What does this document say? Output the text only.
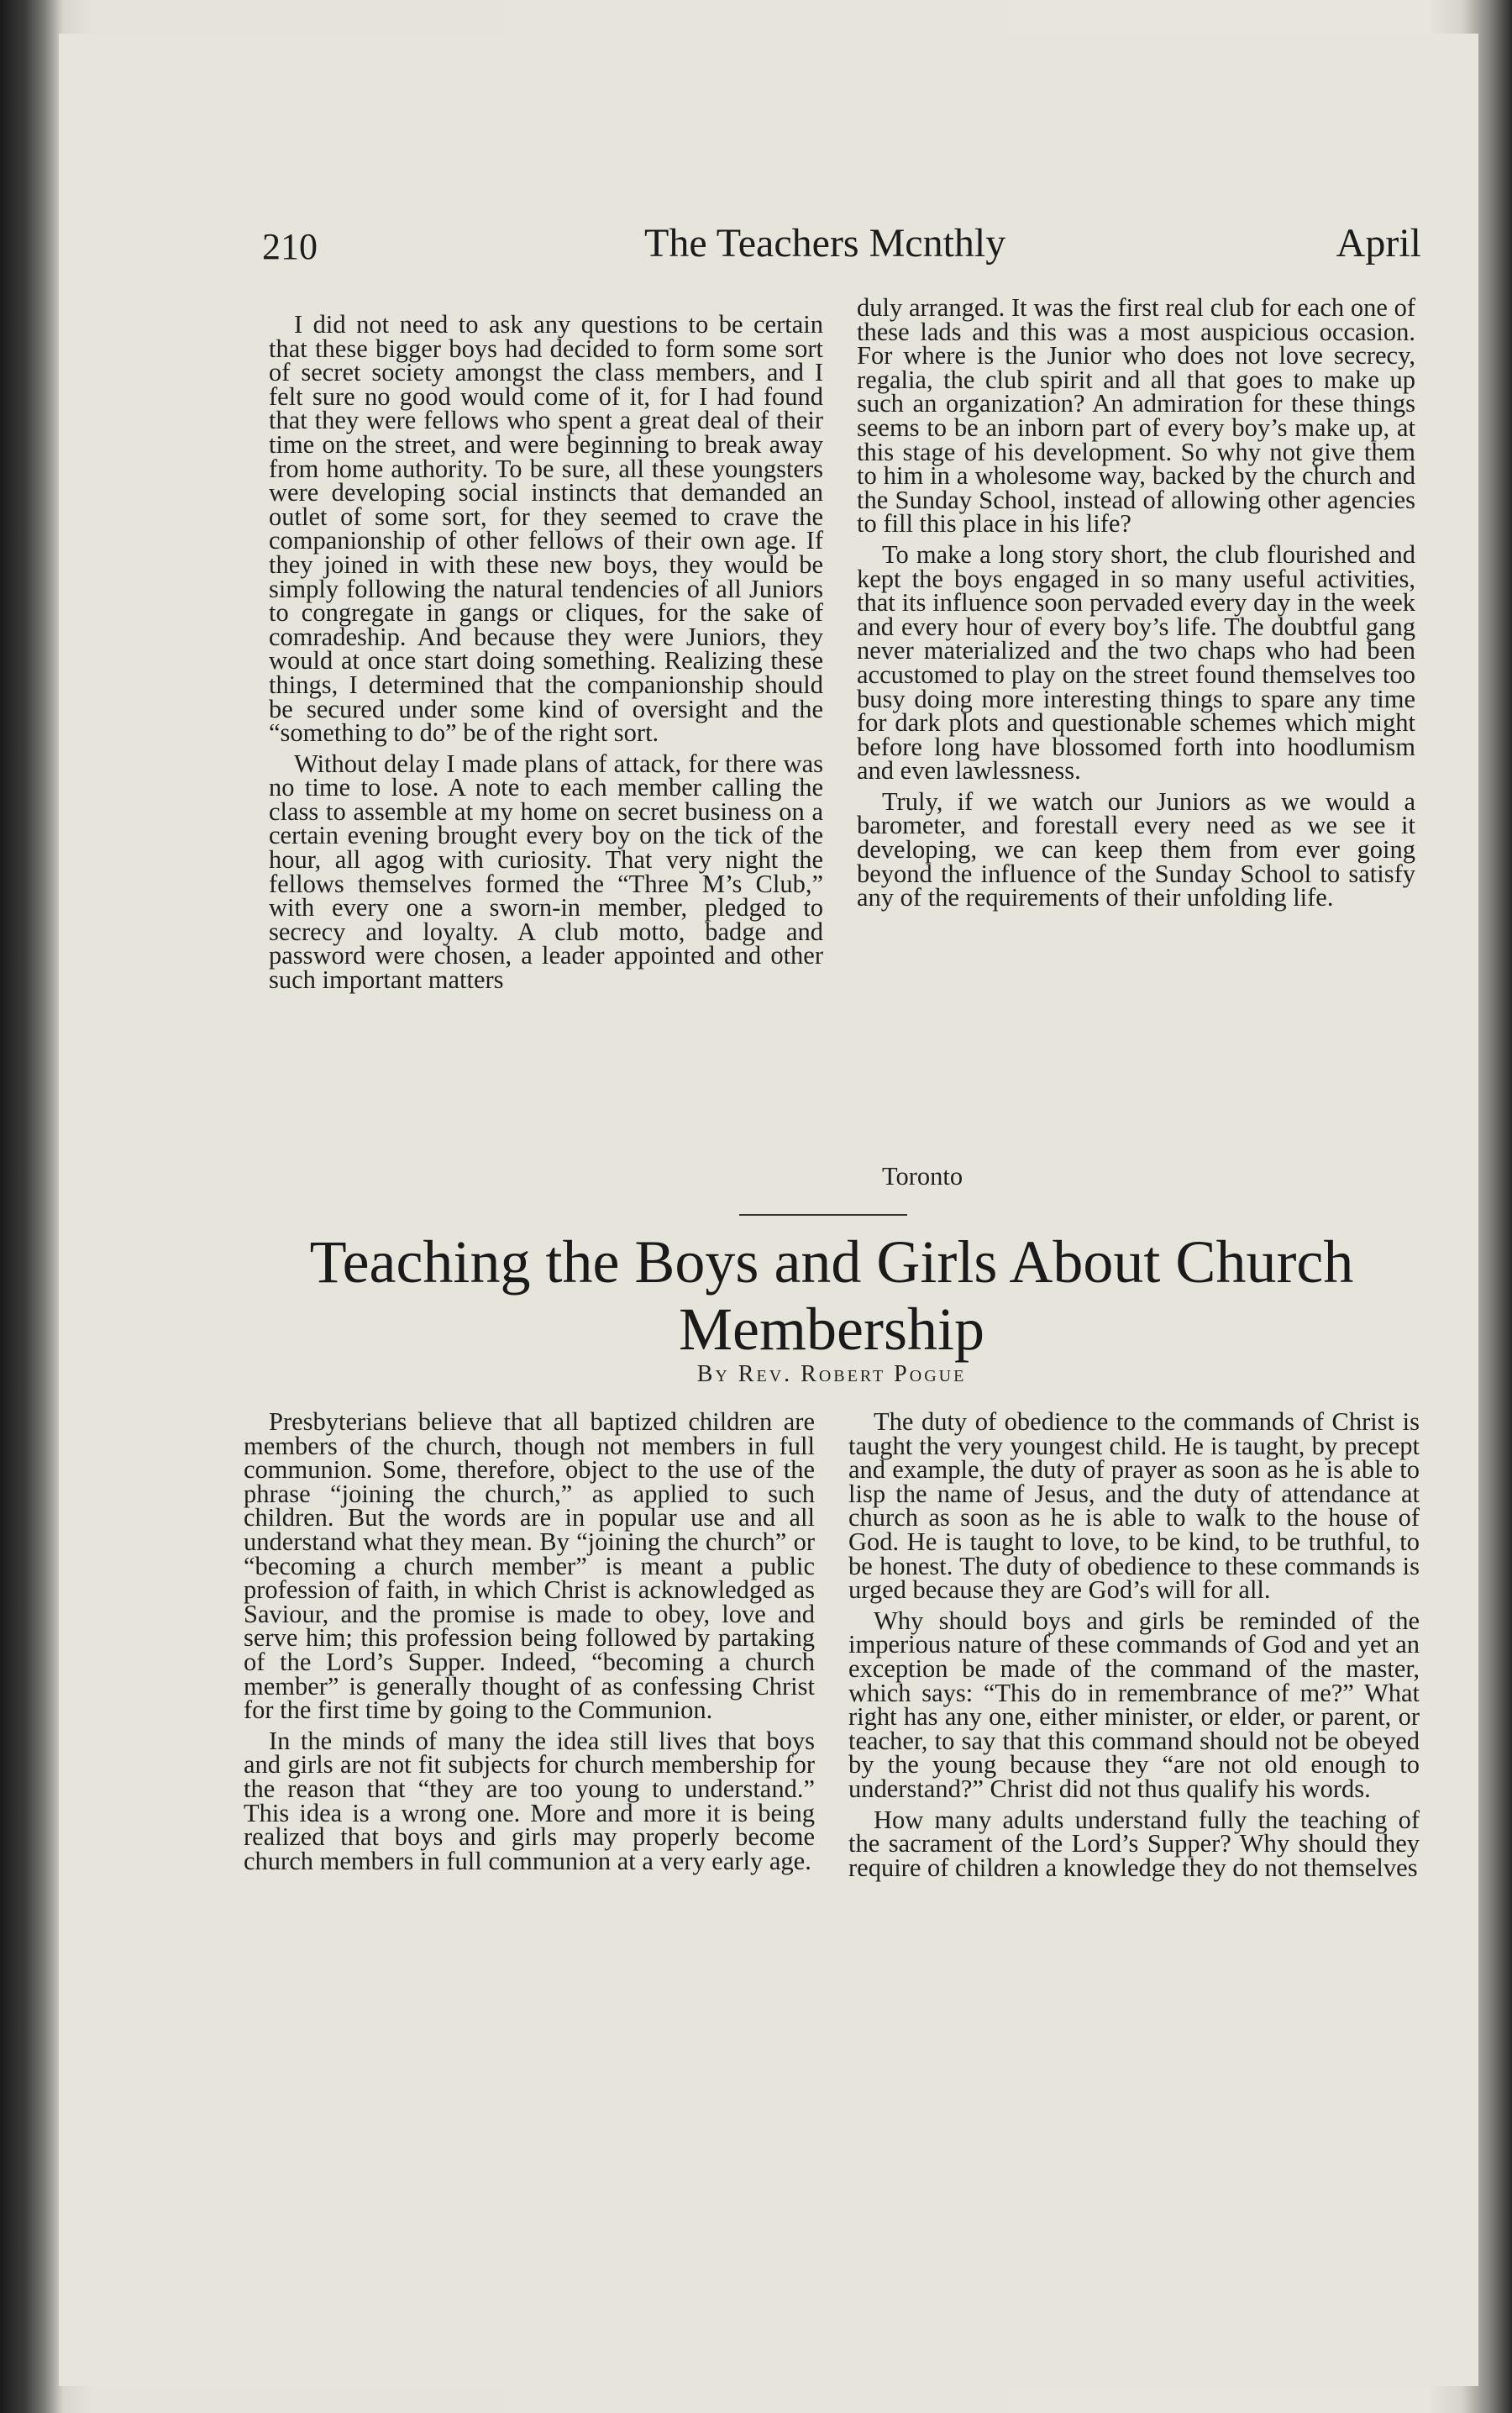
210	The Teachers Mcnthly	April

I did not need to ask any questions to be certain that these bigger boys had decided to form some sort of secret society amongst the class members, and I felt sure no good would come of it, for I had found that they were fellows who spent a great deal of their time on the street, and were beginning to break away from home authority. To be sure, all these youngsters were developing social instincts that demanded an outlet of some sort, for they seemed to crave the companionship of other fellows of their own age. If they joined in with these new boys, they would be simply following the natural tendencies of all Juniors to congregate in gangs or cliques, for the sake of comradeship. And because they were Juniors, they would at once start doing something. Realizing these things, I determined that the companionship should be secured under some kind of oversight and the “something to do” be of the right sort.

Without delay I made plans of attack, for there was no time to lose. A note to each member calling the class to assemble at my home on secret business on a certain evening brought every boy on the tick of the hour, all agog with curiosity. That very night the fellows themselves formed the “Three M’s Club,” with every one a sworn-in member, pledged to secrecy and loyalty. A club motto, badge and password were chosen, a leader appointed and other such important matters

duly arranged. It was the first real club for each one of these lads and this was a most auspicious occasion. For where is the Junior who does not love secrecy, regalia, the club spirit and all that goes to make up such an organization? An admiration for these things seems to be an inborn part of every boy’s make up, at this stage of his development. So why not give them to him in a wholesome way, backed by the church and the Sunday School, instead of allowing other agencies to fill this place in his life?

To make a long story short, the club flourished and kept the boys engaged in so many useful activities, that its influence soon pervaded every day in the week and every hour of every boy’s life. The doubtful gang never materialized and the two chaps who had been accustomed to play on the street found themselves too busy doing more interesting things to spare any time for dark plots and questionable schemes which might before long have blossomed forth into hoodlumism and even lawlessness.

Truly, if we watch our Juniors as we would a barometer, and forestall every need as we see it developing, we can keep them from ever going beyond the influence of the Sunday School to satisfy any of the requirements of their unfolding life.

Toronto
Teaching the Boys and Girls About Church Membership
By Rev. Robert Pogue

Presbyterians believe that all baptized children are members of the church, though not members in full communion. Some, therefore, object to the use of the phrase “joining the church,” as applied to such children. But the words are in popular use and all understand what they mean. By “joining the church” or “becoming a church member” is meant a public profession of faith, in which Christ is acknowledged as Saviour, and the promise is made to obey, love and serve him; this profession being followed by partaking of the Lord’s Supper. Indeed, “becoming a church member” is generally thought of as confessing Christ for the first time by going to the Communion.

In the minds of many the idea still lives that boys and girls are not fit subjects for church membership for the reason that “they are too young to understand.” This idea is a wrong one. More and more it is being realized that boys and girls may properly become church members in full communion at a very early age.

The duty of obedience to the commands of Christ is taught the very youngest child. He is taught, by precept and example, the duty of prayer as soon as he is able to lisp the name of Jesus, and the duty of attendance at church as soon as he is able to walk to the house of God. He is taught to love, to be kind, to be truthful, to be honest. The duty of obedience to these commands is urged because they are God’s will for all.

Why should boys and girls be reminded of the imperious nature of these commands of God and yet an exception be made of the command of the master, which says: “This do in remembrance of me?” What right has any one, either minister, or elder, or parent, or teacher, to say that this command should not be obeyed by the young because they “are not old enough to understand?” Christ did not thus qualify his words.

How many adults understand fully the teaching of the sacrament of the Lord’s Supper? Why should they require of children a knowledge they do not themselves
